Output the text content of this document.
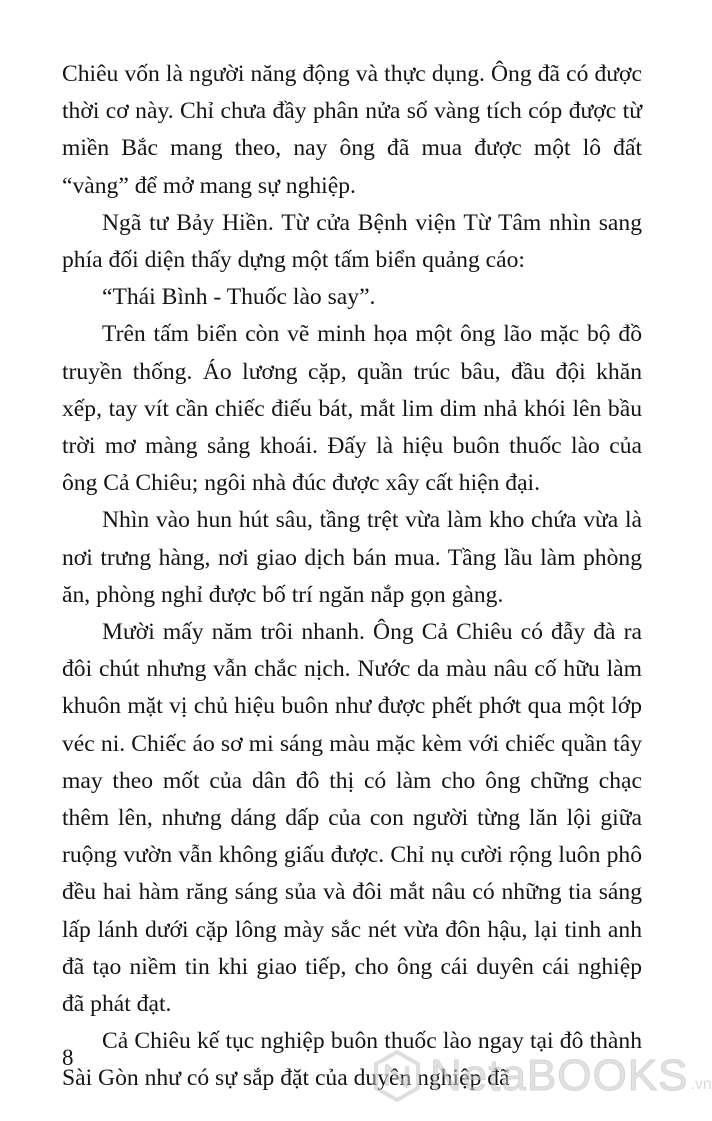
Chiêu vốn là người năng động và thực dụng. Ông đã có được thời cơ này. Chỉ chưa đầy phân nửa số vàng tích cóp được từ miền Bắc mang theo, nay ông đã mua được một lô đất “vàng” để mở mang sự nghiệp.

Ngã tư Bảy Hiền. Từ cửa Bệnh viện Từ Tâm nhìn sang phía đối diện thấy dựng một tấm biển quảng cáo:

“Thái Bình - Thuốc lào say”.

Trên tấm biển còn vẽ minh họa một ông lão mặc bộ đồ truyền thống. Áo lương cặp, quần trúc bâu, đầu đội khăn xếp, tay vít cần chiếc điếu bát, mắt lim dim nhả khói lên bầu trời mơ màng sảng khoái. Đấy là hiệu buôn thuốc lào của ông Cả Chiêu; ngôi nhà đúc được xây cất hiện đại.

Nhìn vào hun hút sâu, tầng trệt vừa làm kho chứa vừa là nơi trưng hàng, nơi giao dịch bán mua. Tầng lầu làm phòng ăn, phòng nghỉ được bố trí ngăn nắp gọn gàng.

Mười mấy năm trôi nhanh. Ông Cả Chiêu có đẫy đà ra đôi chút nhưng vẫn chắc nịch. Nước da màu nâu cố hữu làm khuôn mặt vị chủ hiệu buôn như được phết phớt qua một lớp véc ni. Chiếc áo sơ mi sáng màu mặc kèm với chiếc quần tây may theo mốt của dân đô thị có làm cho ông chững chạc thêm lên, nhưng dáng dấp của con người từng lăn lội giữa ruộng vườn vẫn không giấu được. Chỉ nụ cười rộng luôn phô đều hai hàm răng sáng sủa và đôi mắt nâu có những tia sáng lấp lánh dưới cặp lông mày sắc nét vừa đôn hậu, lại tinh anh đã tạo niềm tin khi giao tiếp, cho ông cái duyên cái nghiệp đã phát đạt.

Cả Chiêu kế tục nghiệp buôn thuốc lào ngay tại đô thành Sài Gòn như có sự sắp đặt của duyên nghiệp đã

8	NetaBOOKS .vn
